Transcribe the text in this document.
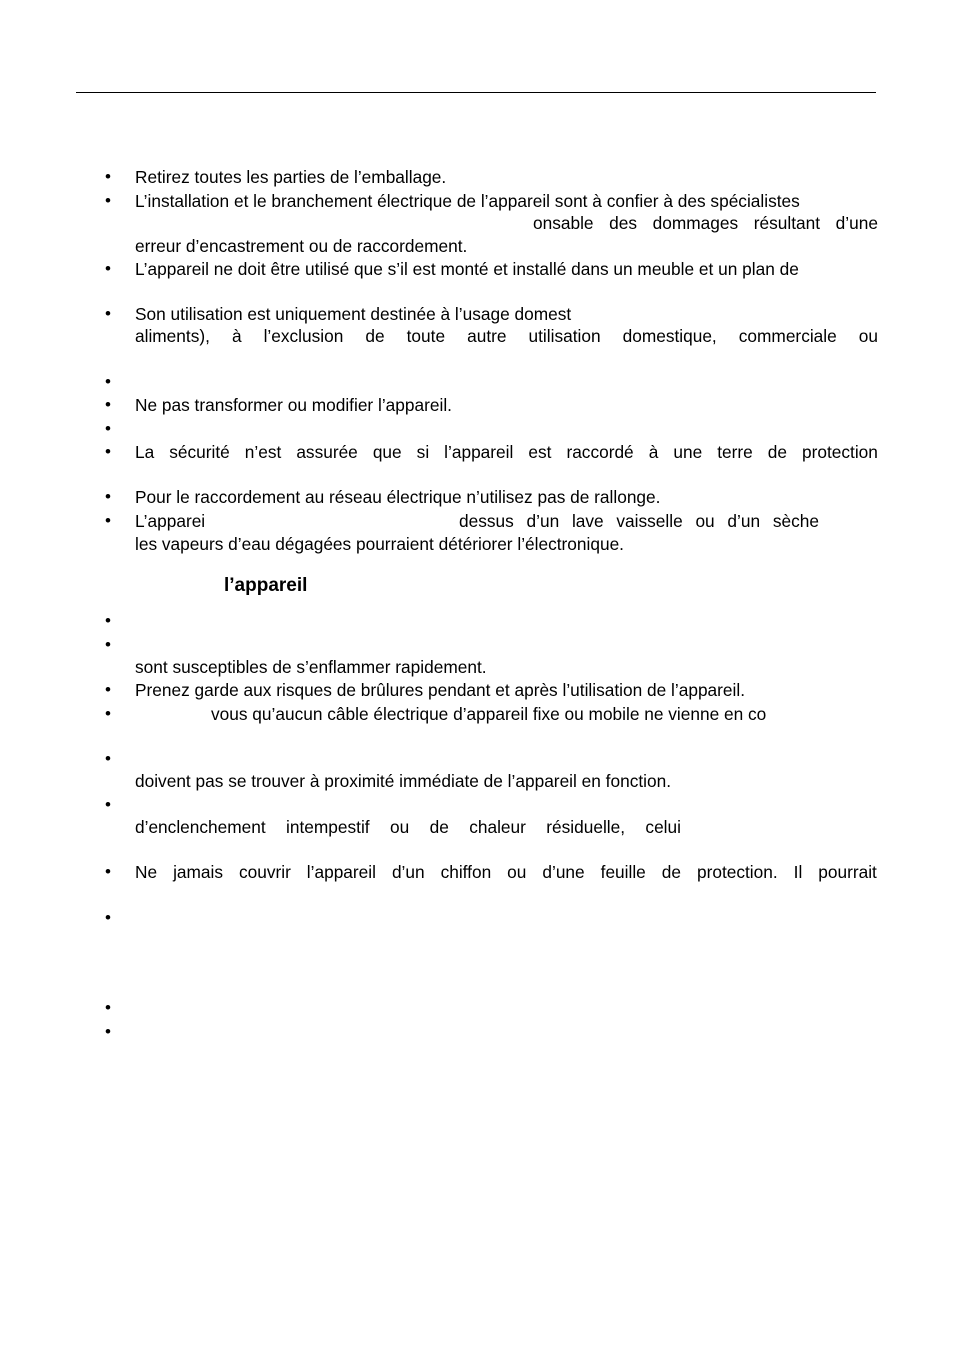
•	Retirez toutes les parties de l’emballage.
•	L’installation et le branchement électrique de l’appareil sont à confier à des spécialistes
onsable des dommages résultant d’une
erreur d’encastrement ou de raccordement.
•	L’appareil ne doit être utilisé que s’il est monté et installé dans un meuble et un plan de
•	Son utilisation est uniquement destinée à l’usage domest
aliments), à l’exclusion de toute autre utilisation domestique, commerciale ou
•
•	Ne pas transformer ou modifier l’appareil.
•
•	La sécurité n’est assurée que si l’appareil est raccordé à une terre de protection
•	Pour le raccordement au réseau électrique n’utilisez pas de rallonge.
•	L’apparei	dessus d’un lave vaisselle ou d’un sèche
les vapeurs d’eau dégagées pourraient détériorer l’électronique.
l’appareil
•
•
sont susceptibles de s’enflammer rapidement.
•	Prenez garde aux risques de brûlures pendant et après l’utilisation de l’appareil.
•	vous qu’aucun câble électrique d’appareil fixe ou mobile ne vienne en co
•
doivent pas se trouver à proximité immédiate de l’appareil en fonction.
•
d’enclenchement intempestif ou de chaleur résiduelle, celui
•	Ne jamais couvrir l’appareil d’un chiffon ou d’une feuille de protection. Il pourrait
•
•
•
